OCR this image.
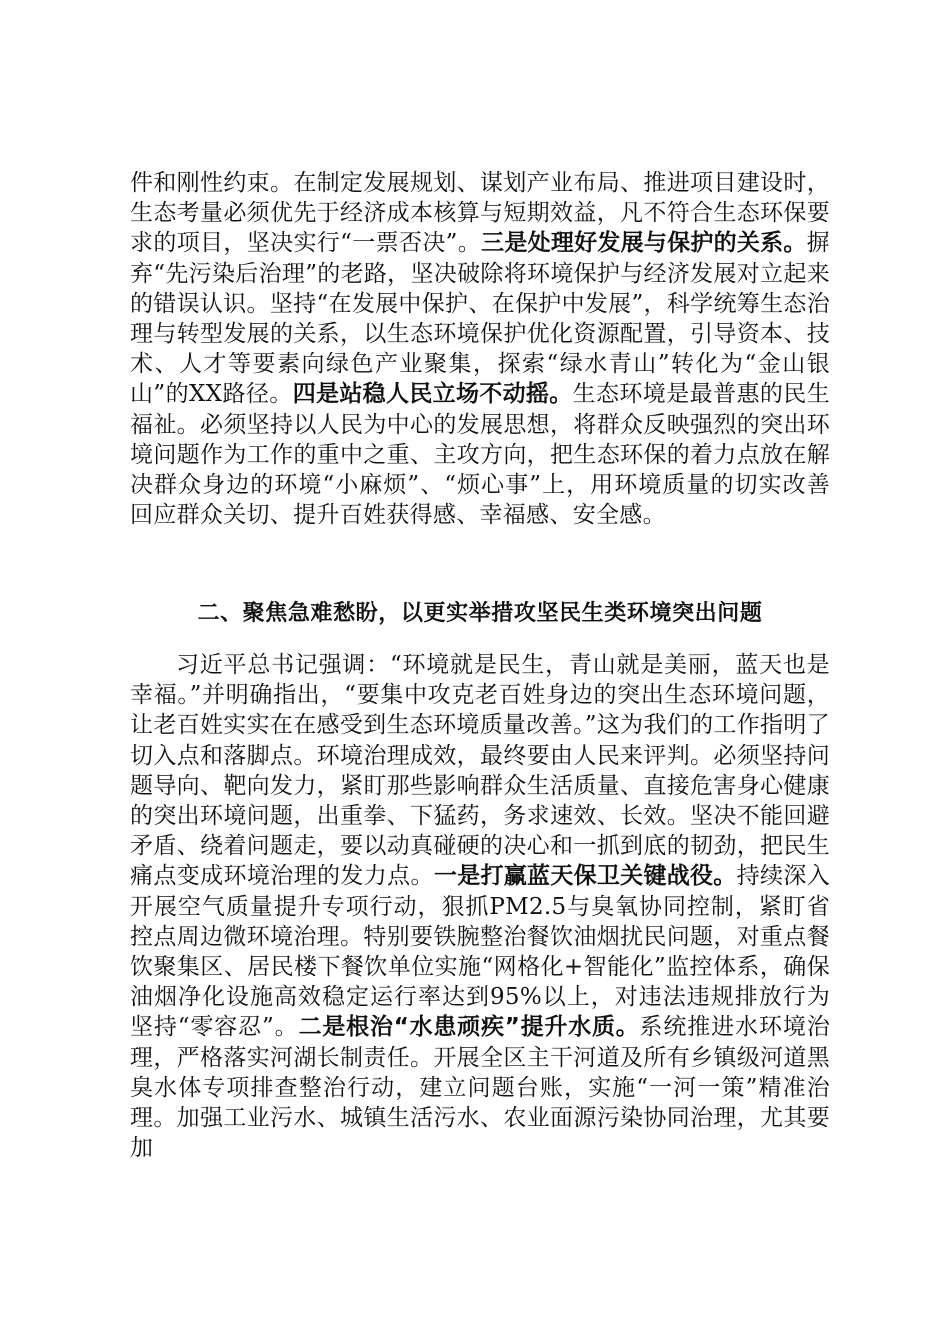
件和刚性约束。在制定发展规划、谋划产业布局、推进项目建设时，生态考量必须优先于经济成本核算与短期效益，凡不符合生态环保要求的项目，坚决实行“一票否决”。三是处理好发展与保护的关系。摒弃“先污染后治理”的老路，坚决破除将环境保护与经济发展对立起来的错误认识。坚持“在发展中保护、在保护中发展”，科学统筹生态治理与转型发展的关系，以生态环境保护优化资源配置，引导资本、技术、人才等要素向绿色产业聚集，探索“绿水青山”转化为“金山银山”的XX路径。四是站稳人民立场不动摇。生态环境是最普惠的民生福祉。必须坚持以人民为中心的发展思想，将群众反映强烈的突出环境问题作为工作的重中之重、主攻方向，把生态环保的着力点放在解决群众身边的环境“小麻烦”、“烦心事”上，用环境质量的切实改善回应群众关切、提升百姓获得感、幸福感、安全感。

二、聚焦急难愁盼，以更实举措攻坚民生类环境突出问题

习近平总书记强调：“环境就是民生，青山就是美丽，蓝天也是幸福。”并明确指出，“要集中攻克老百姓身边的突出生态环境问题，让老百姓实实在在感受到生态环境质量改善。”这为我们的工作指明了切入点和落脚点。环境治理成效，最终要由人民来评判。必须坚持问题导向、靶向发力，紧盯那些影响群众生活质量、直接危害身心健康的突出环境问题，出重拳、下猛药，务求速效、长效。坚决不能回避矛盾、绕着问题走，要以动真碰硬的决心和一抓到底的韧劲，把民生痛点变成环境治理的发力点。一是打赢蓝天保卫关键战役。持续深入开展空气质量提升专项行动，狠抓PM2.5与臭氧协同控制，紧盯省控点周边微环境治理。特别要铁腕整治餐饮油烟扰民问题，对重点餐饮聚集区、居民楼下餐饮单位实施“网格化+智能化”监控体系，确保油烟净化设施高效稳定运行率达到95%以上，对违法违规排放行为坚持“零容忍”。二是根治“水患顽疾”提升水质。系统推进水环境治理，严格落实河湖长制责任。开展全区主干河道及所有乡镇级河道黑臭水体专项排查整治行动，建立问题台账，实施“一河一策”精准治理。加强工业污水、城镇生活污水、农业面源污染协同治理，尤其要加
